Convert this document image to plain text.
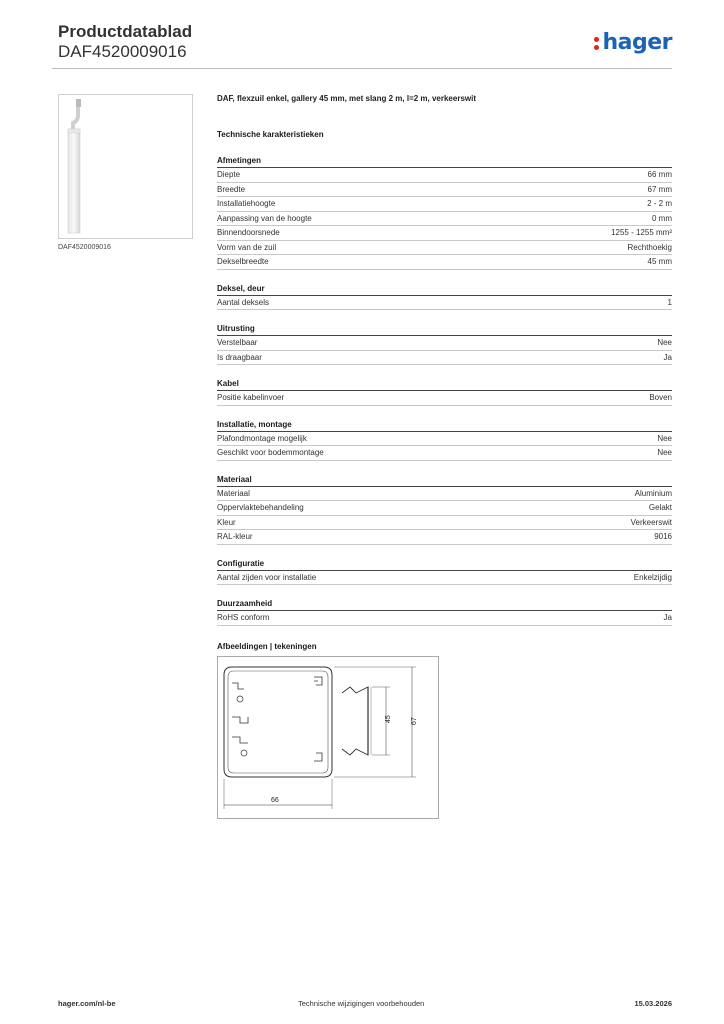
Productdatablad
DAF4520009016	hager
DAF4520009016
DAF, flexzuil enkel, gallery 45 mm, met slang 2 m, l=2 m, verkeerswit
Technische karakteristieken
Afmetingen
Diepte	66 mm
Breedte	67 mm
Installatiehoogte	2 - 2 m
Aanpassing van de hoogte	0 mm
Binnendoorsnede	1255 - 1255 mm²
Vorm van de zuil	Rechthoekig
Dekselbreedte	45 mm
Deksel, deur
Aantal deksels	1
Uitrusting
Verstelbaar	Nee
Is draagbaar	Ja
Kabel
Positie kabelinvoer	Boven
Installatie, montage
Plafondmontage mogelijk	Nee
Geschikt voor bodemmontage	Nee
Materiaal
Materiaal	Aluminium
Oppervlaktebehandeling	Gelakt
Kleur	Verkeerswit
RAL-kleur	9016
Configuratie
Aantal zijden voor installatie	Enkelzijdig
Duurzaamheid
RoHS conform	Ja
Afbeeldingen | tekeningen
45	67
66
hager.com/nl-be	Technische wijzigingen voorbehouden	15.03.2026
